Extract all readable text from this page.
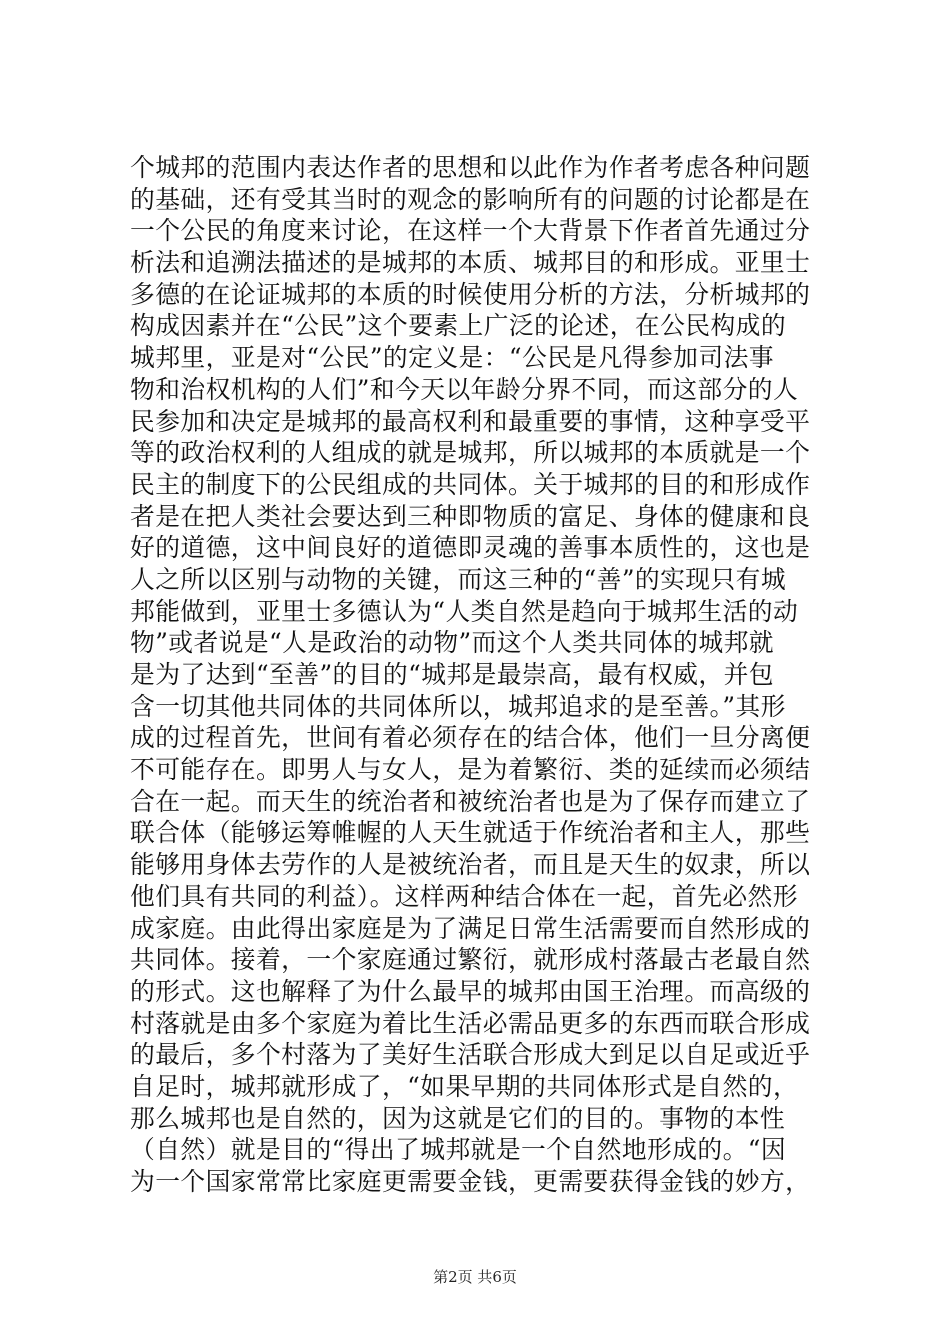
个城邦的范围内表达作者的思想和以此作为作者考虑各种问题
的基础，还有受其当时的观念的影响所有的问题的讨论都是在
一个公民的角度来讨论，在这样一个大背景下作者首先通过分
析法和追溯法描述的是城邦的本质、城邦目的和形成。亚里士
多德的在论证城邦的本质的时候使用分析的方法，分析城邦的
构成因素并在“公民”这个要素上广泛的论述，在公民构成的
城邦里，亚是对“公民”的定义是：“公民是凡得参加司法事
物和治权机构的人们”和今天以年龄分界不同，而这部分的人
民参加和决定是城邦的最高权利和最重要的事情，这种享受平
等的政治权利的人组成的就是城邦，所以城邦的本质就是一个
民主的制度下的公民组成的共同体。关于城邦的目的和形成作
者是在把人类社会要达到三种即物质的富足、身体的健康和良
好的道德，这中间良好的道德即灵魂的善事本质性的，这也是
人之所以区别与动物的关键，而这三种的“善”的实现只有城
邦能做到，亚里士多德认为“人类自然是趋向于城邦生活的动
物”或者说是“人是政治的动物”而这个人类共同体的城邦就
是为了达到“至善”的目的“城邦是最崇高，最有权威，并包
含一切其他共同体的共同体所以，城邦追求的是至善。”其形
成的过程首先，世间有着必须存在的结合体，他们一旦分离便
不可能存在。即男人与女人，是为着繁衍、类的延续而必须结
合在一起。而天生的统治者和被统治者也是为了保存而建立了
联合体（能够运筹帷幄的人天生就适于作统治者和主人，那些
能够用身体去劳作的人是被统治者，而且是天生的奴隶，所以
他们具有共同的利益）。这样两种结合体在一起，首先必然形
成家庭。由此得出家庭是为了满足日常生活需要而自然形成的
共同体。接着，一个家庭通过繁衍，就形成村落最古老最自然
的形式。这也解释了为什么最早的城邦由国王治理。而高级的
村落就是由多个家庭为着比生活必需品更多的东西而联合形成
的最后，多个村落为了美好生活联合形成大到足以自足或近乎
自足时，城邦就形成了，“如果早期的共同体形式是自然的，
那么城邦也是自然的，因为这就是它们的目的。事物的本性
（自然）就是目的“得出了城邦就是一个自然地形成的。“因
为一个国家常常比家庭更需要金钱，更需要获得金钱的妙方，
第2页 共6页
